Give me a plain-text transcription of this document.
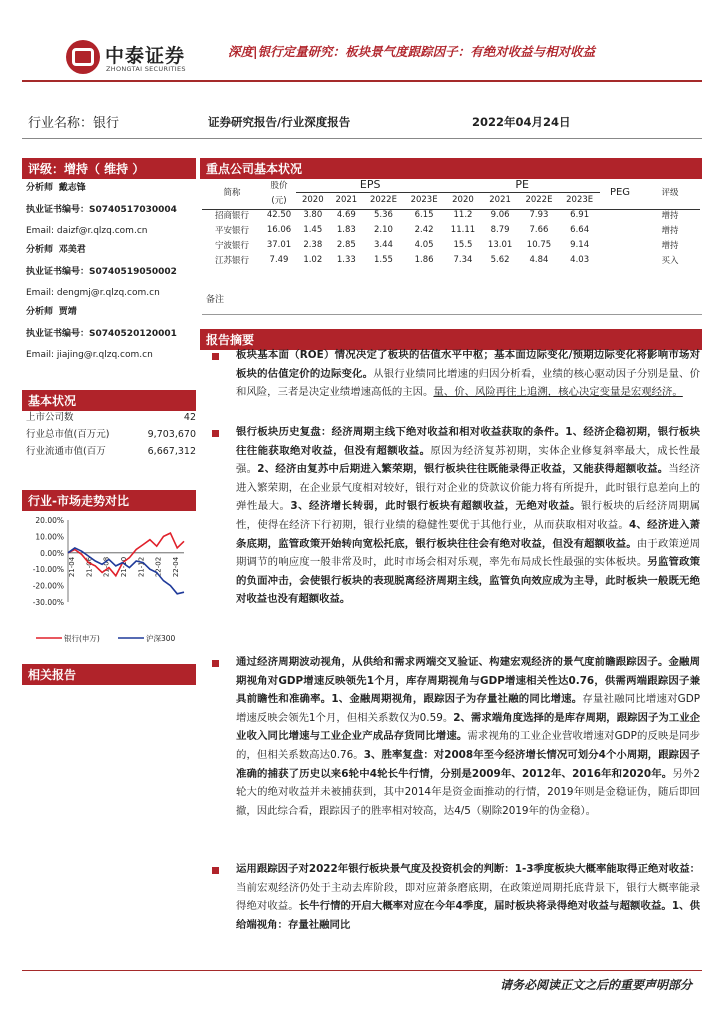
中泰证券
ZHONGTAI SECURITIES
深度|银行定量研究：板块景气度跟踪因子：有绝对收益与相对收益
行业名称：银行	证券研究报告/行业深度报告	2022年04月24日
评级：增持（ 维持 ）
分析师 戴志锋
执业证书编号：S0740517030004
Email: daizf@r.qlzq.com.cn
分析师 邓美君
执业证书编号：S0740519050002
Email: dengmj@r.qlzq.com.cn
分析师 贾靖
执业证书编号：S0740520120001
Email: jiajing@r.qlzq.com.cn
基本状况
上市公司数	42
行业总市值(百万元)	9,703,670
行业流通市值(百万	6,667,312
行业-市场走势对比
20.00%
10.00%
0.00%
-10.00%
-20.00%
-30.00%
21-04 21-06 21-08 21-10 21-12 22-02 22-04
银行(申万)	沪深300
相关报告
重点公司基本状况
简称	股价	EPS				PE				PEG	评级
	(元)	2020	2021	2022E	2023E	2020	2021	2022E	2023E		
招商银行	42.50	3.80	4.69	5.36	6.15	11.2	9.06	7.93	6.91		增持
平安银行	16.06	1.45	1.83	2.10	2.42	11.11	8.79	7.66	6.64		增持
宁波银行	37.01	2.38	2.85	3.44	4.05	15.5	13.01	10.75	9.14		增持
江苏银行	7.49	1.02	1.33	1.55	1.86	7.34	5.62	4.84	4.03		买入
备注
报告摘要
板块基本面（ROE）情况决定了板块的估值水平中枢；基本面边际变化/预期边际变化将影响市场对板块的估值定价的边际变化。从银行业绩同比增速的归因分析看，业绩的核心驱动因子分别是量、价和风险，三者是决定业绩增速高低的主因。量、价、风险再往上追溯，核心决定变量是宏观经济。
银行板块历史复盘：经济周期主线下绝对收益和相对收益获取的条件。1、经济企稳初期，银行板块往往能获取绝对收益，但没有超额收益。原因为经济复苏初期，实体企业修复斜率最大，成长性最强。2、经济由复苏中后期进入繁荣期，银行板块往往既能录得正收益，又能获得超额收益。当经济进入繁荣期，在企业景气度相对较好，银行对企业的贷款议价能力将有所提升，此时银行息差向上的弹性最大。3、经济增长转弱，此时银行板块有超额收益，无绝对收益。银行板块的后经济周期属性，使得在经济下行初期，银行业绩的稳健性要优于其他行业，从而获取相对收益。4、经济进入萧条底期，监管政策开始转向宽松托底，银行板块往往会有绝对收益，但没有超额收益。由于政策逆周期调节的响应度一般非常及时，此时市场会相对乐观，率先布局成长性最强的实体板块。另监管政策的负面冲击，会使银行板块的表现脱离经济周期主线，监管负向效应成为主导，此时板块一般既无绝对收益也没有超额收益。
通过经济周期波动视角，从供给和需求两端交叉验证、构建宏观经济的景气度前瞻跟踪因子。金融周期视角对GDP增速反映领先1个月，库存周期视角与GDP增速相关性达0.76，供需两端跟踪因子兼具前瞻性和准确率。1、金融周期视角，跟踪因子为存量社融的同比增速。存量社融同比增速对GDP增速反映会领先1个月，但相关系数仅为0.59。2、需求端角度选择的是库存周期，跟踪因子为工业企业收入同比增速与工业企业产成品存货同比增速。需求视角的工业企业营收增速对GDP的反映是同步的，但相关系数高达0.76。3、胜率复盘：对2008年至今经济增长情况可划分4个小周期，跟踪因子准确的捕获了历史以来6轮中4轮长牛行情，分别是2009年、2012年、2016年和2020年。另外2轮大的绝对收益并未被捕获到，其中2014年是资金面推动的行情，2019年则是金稳证伪，随后即回撤，因此综合看，跟踪因子的胜率相对较高，达4/5（剔除2019年的伪金稳）。
运用跟踪因子对2022年银行板块景气度及投资机会的判断：1-3季度板块大概率能取得正绝对收益：当前宏观经济仍处于主动去库阶段，即对应萧条磨底期，在政策逆周期托底背景下，银行大概率能录得绝对收益。长牛行情的开启大概率对应在今年4季度，届时板块将录得绝对收益与超额收益。1、供给端视角：存量社融同比
请务必阅读正文之后的重要声明部分
